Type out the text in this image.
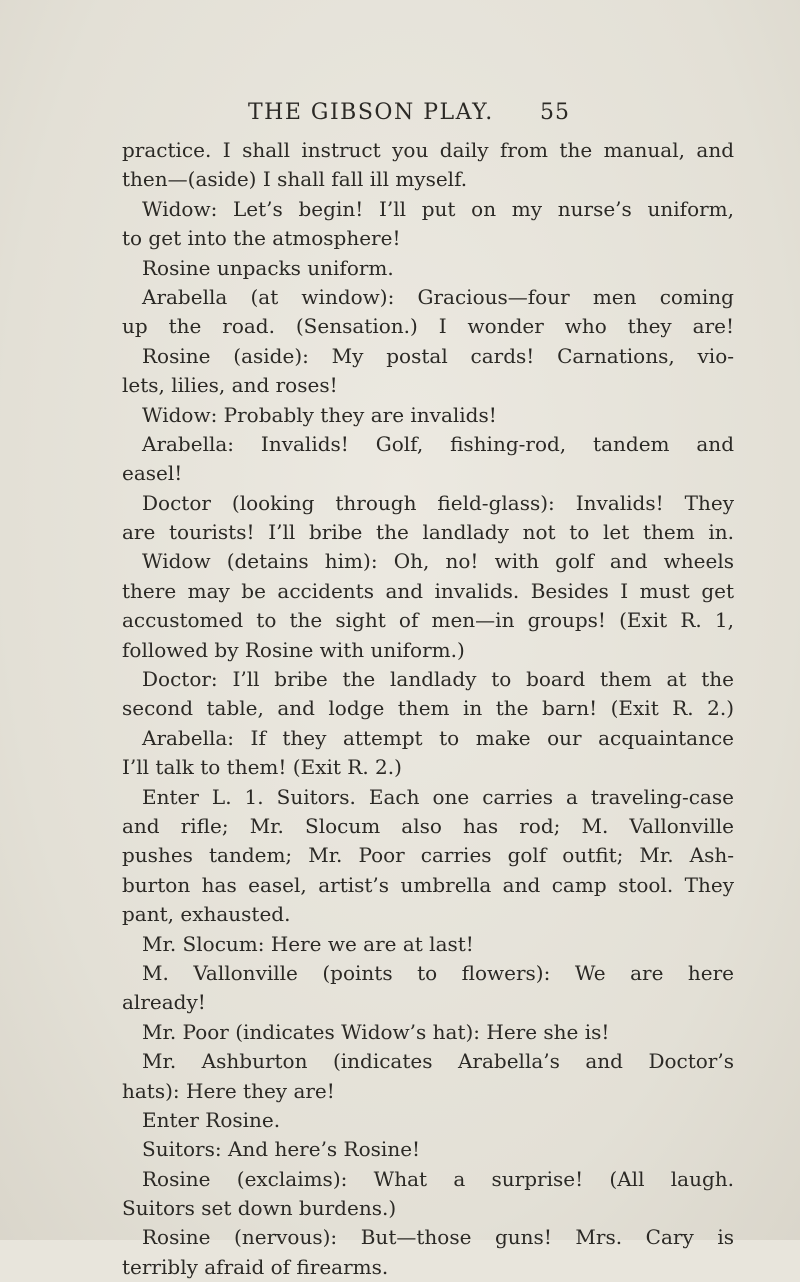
THE GIBSON PLAY. 55
practice. I shall instruct you daily from the manual, and
then—(aside) I shall fall ill myself.
Widow: Let’s begin! I’ll put on my nurse’s uniform,
to get into the atmosphere!
Rosine unpacks uniform.
Arabella (at window): Gracious—four men coming
up the road. (Sensation.) I wonder who they are!
Rosine (aside): My postal cards! Carnations, vio-
lets, lilies, and roses!
Widow: Probably they are invalids!
Arabella: Invalids! Golf, fishing-rod, tandem and
easel!
Doctor (looking through field-glass): Invalids! They
are tourists! I’ll bribe the landlady not to let them in.
Widow (detains him): Oh, no! with golf and wheels
there may be accidents and invalids. Besides I must get
accustomed to the sight of men—in groups! (Exit R. 1,
followed by Rosine with uniform.)
Doctor: I’ll bribe the landlady to board them at the
second table, and lodge them in the barn! (Exit R. 2.)
Arabella: If they attempt to make our acquaintance
I’ll talk to them! (Exit R. 2.)
Enter L. 1. Suitors. Each one carries a traveling-case
and rifle; Mr. Slocum also has rod; M. Vallonville
pushes tandem; Mr. Poor carries golf outfit; Mr. Ash-
burton has easel, artist’s umbrella and camp stool. They
pant, exhausted.
Mr. Slocum: Here we are at last!
M. Vallonville (points to flowers): We are here
already!
Mr. Poor (indicates Widow’s hat): Here she is!
Mr. Ashburton (indicates Arabella’s and Doctor’s
hats): Here they are!
Enter Rosine.
Suitors: And here’s Rosine!
Rosine (exclaims): What a surprise! (All laugh.
Suitors set down burdens.)
Rosine (nervous): But—those guns! Mrs. Cary is
terribly afraid of firearms.
